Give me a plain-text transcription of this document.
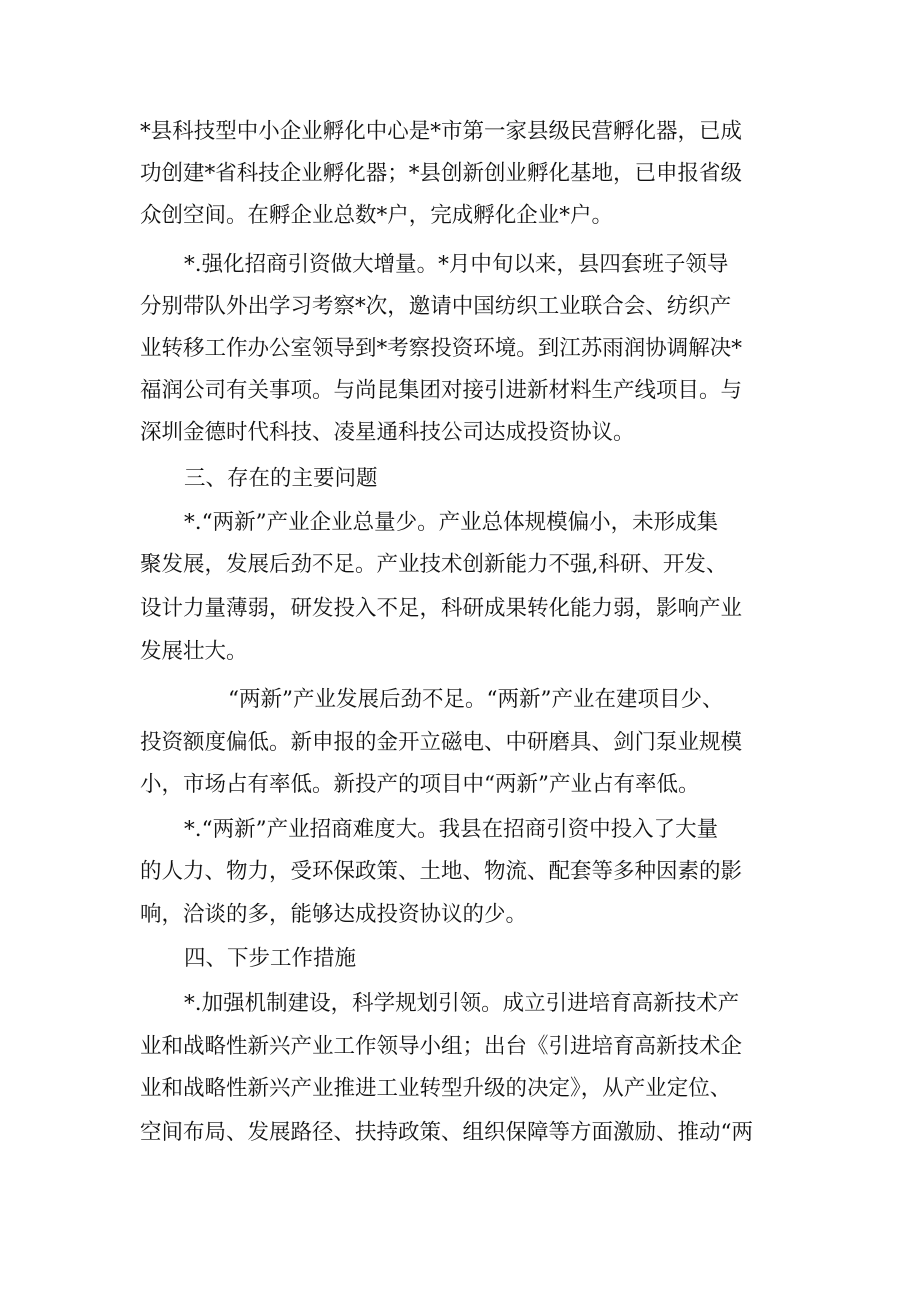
*县科技型中小企业孵化中心是*市第一家县级民营孵化器，已成
功创建*省科技企业孵化器；*县创新创业孵化基地，已申报省级
众创空间。在孵企业总数*户，完成孵化企业*户。
*.强化招商引资做大增量。*月中旬以来，县四套班子领导
分别带队外出学习考察*次，邀请中国纺织工业联合会、纺织产
业转移工作办公室领导到*考察投资环境。到江苏雨润协调解决*
福润公司有关事项。与尚昆集团对接引进新材料生产线项目。与
深圳金德时代科技、凌星通科技公司达成投资协议。
三、存在的主要问题
*.“两新”产业企业总量少。产业总体规模偏小，未形成集
聚发展，发展后劲不足。产业技术创新能力不强,科研、开发、
设计力量薄弱，研发投入不足，科研成果转化能力弱，影响产业
发展壮大。
“两新”产业发展后劲不足。“两新”产业在建项目少、
投资额度偏低。新申报的金开立磁电、中研磨具、剑门泵业规模
小，市场占有率低。新投产的项目中“两新”产业占有率低。
*.“两新”产业招商难度大。我县在招商引资中投入了大量
的人力、物力，受环保政策、土地、物流、配套等多种因素的影
响，洽谈的多，能够达成投资协议的少。
四、下步工作措施
*.加强机制建设，科学规划引领。成立引进培育高新技术产
业和战略性新兴产业工作领导小组；出台《引进培育高新技术企
业和战略性新兴产业推进工业转型升级的决定》，从产业定位、
空间布局、发展路径、扶持政策、组织保障等方面激励、推动“两
